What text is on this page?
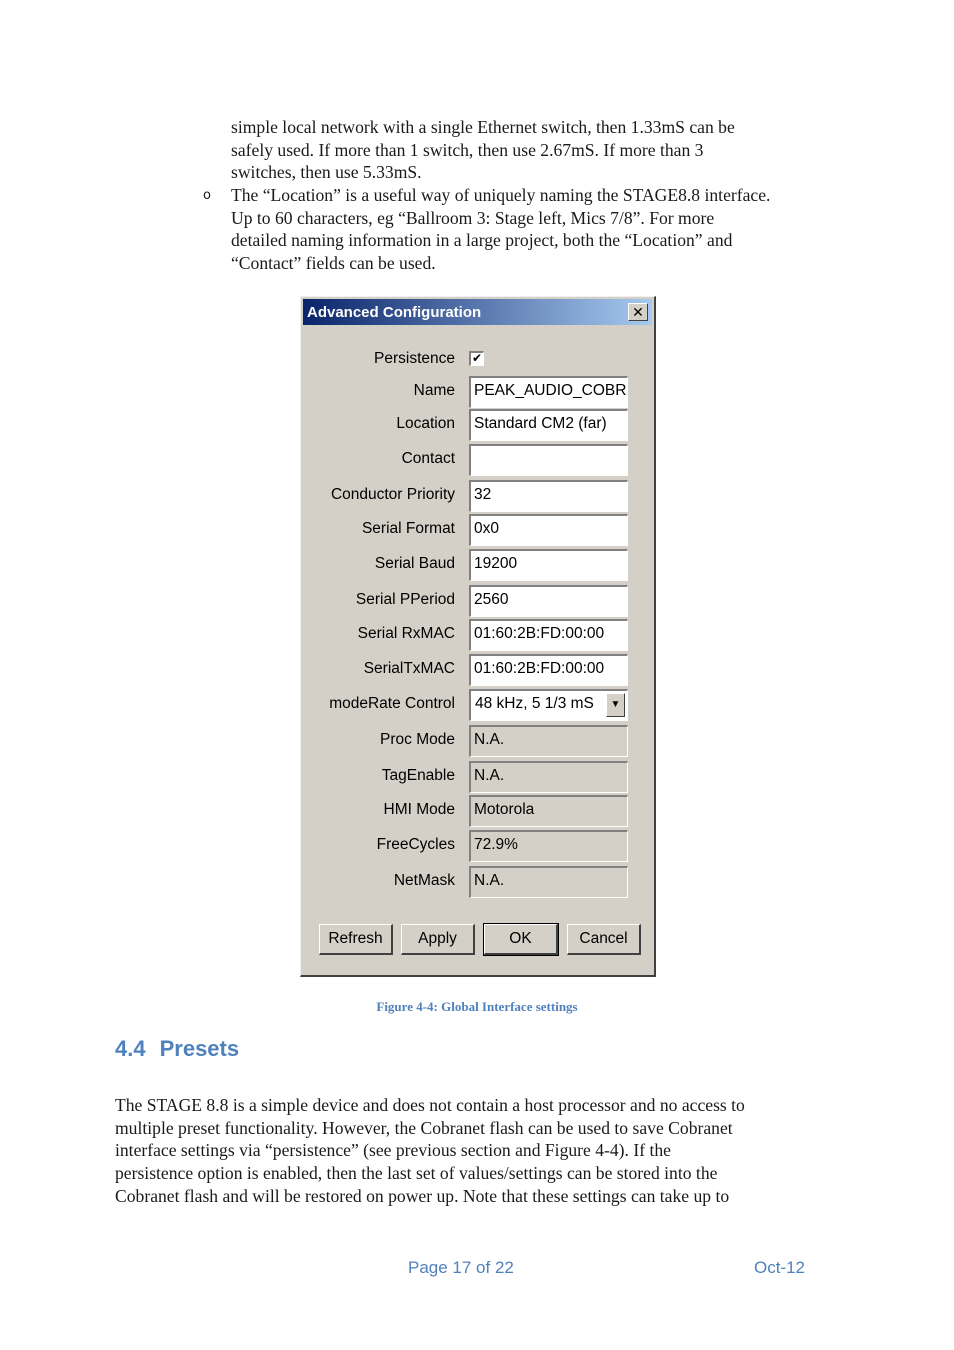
simple local network with a single Ethernet switch, then 1.33mS can be
safely used. If more than 1 switch, then use 2.67mS. If more than 3
switches, then use 5.33mS.
o The “Location” is a useful way of uniquely naming the STAGE8.8 interface.
Up to 60 characters, eg “Ballroom 3: Stage left, Mics 7/8”. For more
detailed naming information in a large project, both the “Location” and
“Contact” fields can be used.
Advanced Configuration	✕
Persistence ✔
Name	PEAK_AUDIO_COBR
Location	Standard CM2 (far)
Contact
Conductor Priority	32
Serial Format	0x0
Serial Baud	19200
Serial PPeriod	2560
Serial RxMAC	01:60:2B:FD:00:00
SerialTxMAC	01:60:2B:FD:00:00
modeRate Control	48 kHz, 5 1/3 mS	▼
Proc Mode	N.A.
TagEnable	N.A.
HMI Mode	Motorola
FreeCycles	72.9%
NetMask	N.A.
Refresh	Apply	OK	Cancel
Figure 4-4: Global Interface settings
4.4 Presets
The STAGE 8.8 is a simple device and does not contain a host processor and no access to
multiple preset functionality. However, the Cobranet flash can be used to save Cobranet
interface settings via “persistence” (see previous section and Figure 4-4). If the
persistence option is enabled, then the last set of values/settings can be stored into the
Cobranet flash and will be restored on power up. Note that these settings can take up to
Page 17 of 22	Oct-12
